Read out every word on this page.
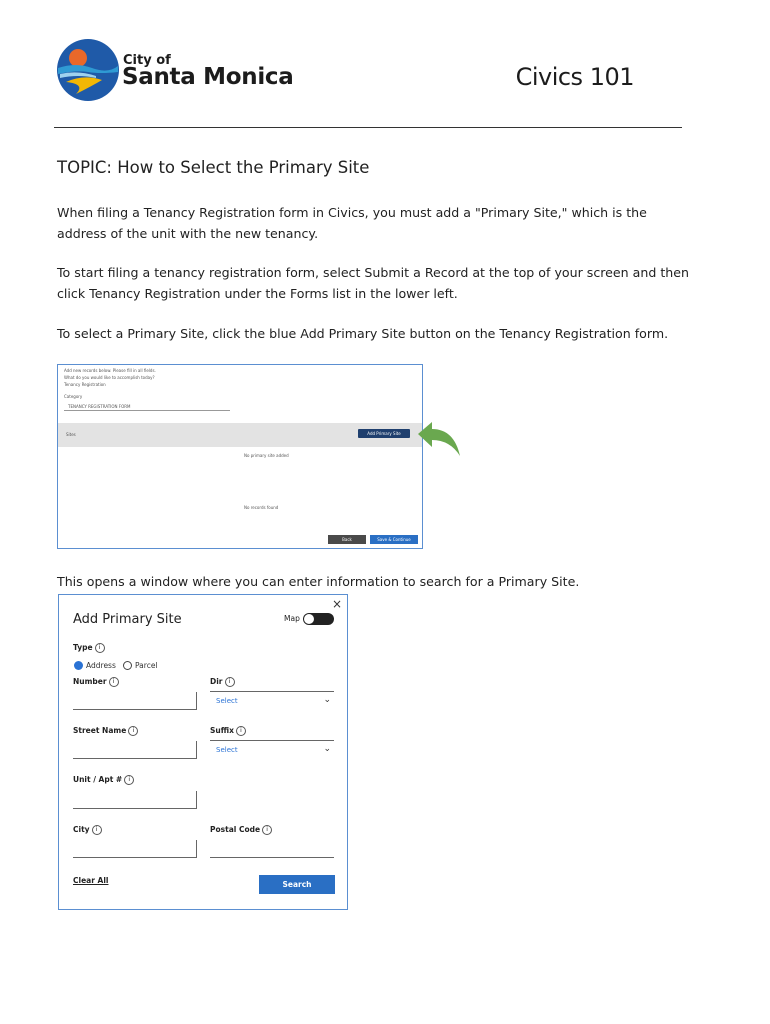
City of
Santa Monica	Civics 101
TOPIC: How to Select the Primary Site
When filing a Tenancy Registration form in Civics, you must add a "Primary Site," which is the address of the unit with the new tenancy.
To start filing a tenancy registration form, select Submit a Record at the top of your screen and then click Tenancy Registration under the Forms list in the lower left.
To select a Primary Site, click the blue Add Primary Site button on the Tenancy Registration form.
Add new records below. Please fill in all fields.
What do you would like to accomplish today?
Tenancy Registration
Category
TENANCY REGISTRATION FORM
Sites	Add Primary Site
No primary site added
No records found
Back	Save & Continue
This opens a window where you can enter information to search for a Primary Site.
×
Add Primary Site	Map
Type i
Address	Parcel
Number i	Dir i
Select	⌄
Street Name i	Suffix i
Select	⌄
Unit / Apt # i
City i	Postal Code i
Clear All	Search
